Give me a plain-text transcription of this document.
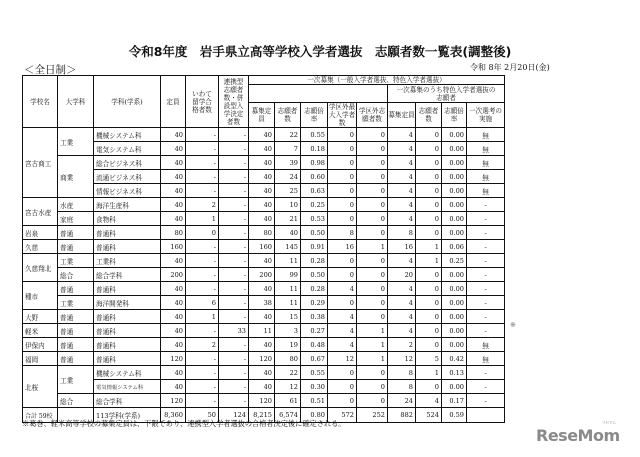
令和8年度　岩手県立高等学校入学者選抜　志願者数一覧表(調整後)
＜全日制＞	令和 8年 2月20日(金)
学校名	大学科	学科(学系)	定員	いわて留学合格者数	連携型志願者数・併設型入学決定者数	一次募集（一般入学者選抜、特色入学者選抜）								
											一次募集のうち特色入学者選抜の志願者			
						募集定員	志願者数	志願倍率	学区外最大入学者数	学区外志願者数	募集定員	志願者数	志願倍率	一次選考の実施
宮古商工	工業	機械システム科	40	-	-	40	22	0.55	0	0	4	0	0.00	無
		電気システム科	40	-	-	40	7	0.18	0	0	4	0	0.00	無
	商業	総合ビジネス科	40	-	-	40	39	0.98	0	0	4	0	0.00	無
		流通ビジネス科	40	-	-	40	24	0.60	0	0	4	0	0.00	無
		情報ビジネス科	40	-	-	40	25	0.63	0	0	4	0	0.00	無
宮古水産	水産	海洋生産科	40	2	-	40	10	0.25	0	0	4	0	0.00	-
	家庭	食物科	40	1	-	40	21	0.53	0	0	4	0	0.00	-
岩泉	普通	普通科	80	0	-	80	40	0.50	8	0	8	0	0.00	-
久慈	普通	普通科	160	-	-	160	145	0.91	16	1	16	1	0.06	-
久慈翔北	工業	工業科	40	-	-	40	11	0.28	0	0	4	1	0.25	-
	総合	総合学科	200	-	-	200	99	0.50	0	0	20	0	0.00	-
種市	普通	普通科	40	-	-	40	11	0.28	4	0	4	0	0.00	-
	工業	海洋開発科	40	6	-	38	11	0.29	0	0	4	0	0.00	-
大野	普通	普通科	40	1	-	40	15	0.38	4	0	4	0	0.00	-
軽米	普通	普通科	40	-	33	11	3	0.27	4	1	4	0	0.00	-
伊保内	普通	普通科	40	2	-	40	19	0.48	4	1	2	0	0.00	無
福岡	普通	普通科	120	-	-	120	80	0.67	12	1	12	5	0.42	無
北桜	工業	機械システム科	40	-	-	40	22	0.55	0	0	8	1	0.13	-
		電気情報システム科	40	-	-	40	12	0.30	0	0	8	0	0.00	-
	総合	総合学科	120	-	-	120	61	0.51	0	0	24	4	0.17	-
合計 59校		113学科(学系)	8,360	50	124	8,215	6,574	0.80	572	252	882	524	0.59	
※
※葛巻、軽米高等学校の募集定員は、下限であり、連携型入学者選抜の合格者決定後に確定される。
ReseMom
リセマム
